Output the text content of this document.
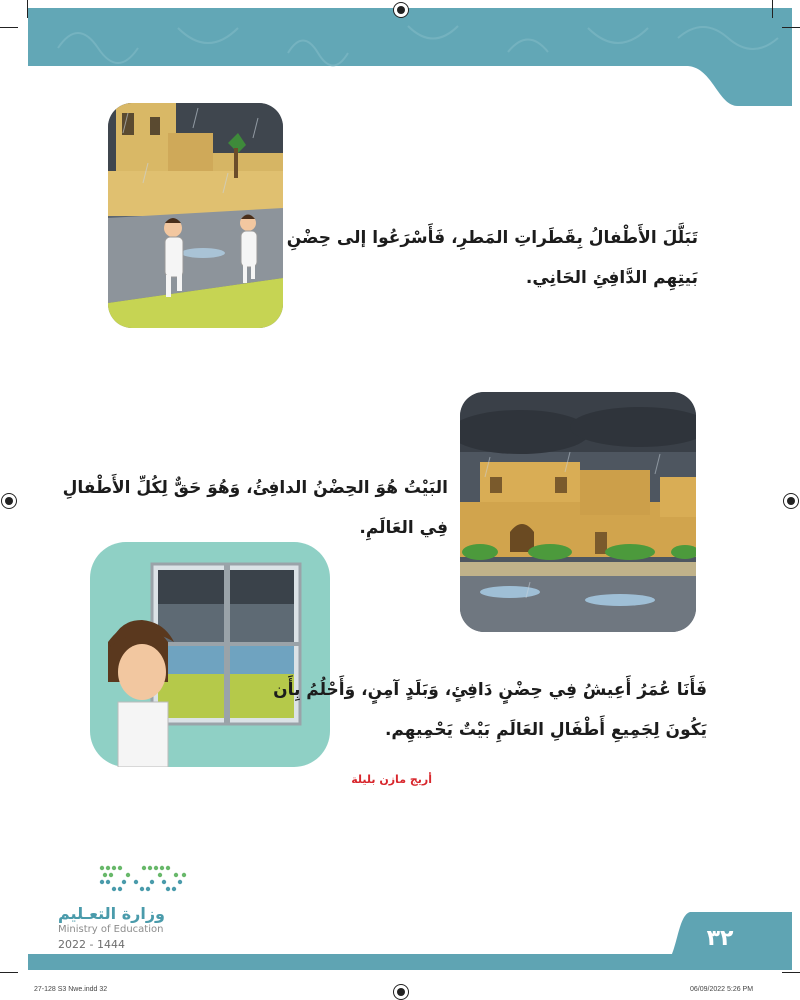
تَبَلَّلَ الأَطْفالُ بِقَطَراتِ المَطرِ، فَأَسْرَعُوا إلى حِضْنِ
بَيتِهِم الدَّافِئِ الحَانِي.
البَيْتُ هُوَ الحِضْنُ الدافِئُ، وَهُوَ حَقٌّ لِكُلِّ الأَطْفالِ
فِي العَالَمِ.
فَأَنَا عُمَرُ أَعِيشُ فِي حِضْنٍ دَافِئٍ، وَبَلَدٍ آمِنٍ، وَأَحْلُمُ بِأَن
يَكُونَ لِجَمِيعِ أَطْفَالِ العَالَمِ بَيْتٌ يَحْمِيهِم.
أريج مازن بليلة
وزارة التعـليم
Ministry of Education
2022 - 1444	٣٢
27-128 S3 Nwe.indd 32	06/09/2022 5:26 PM
